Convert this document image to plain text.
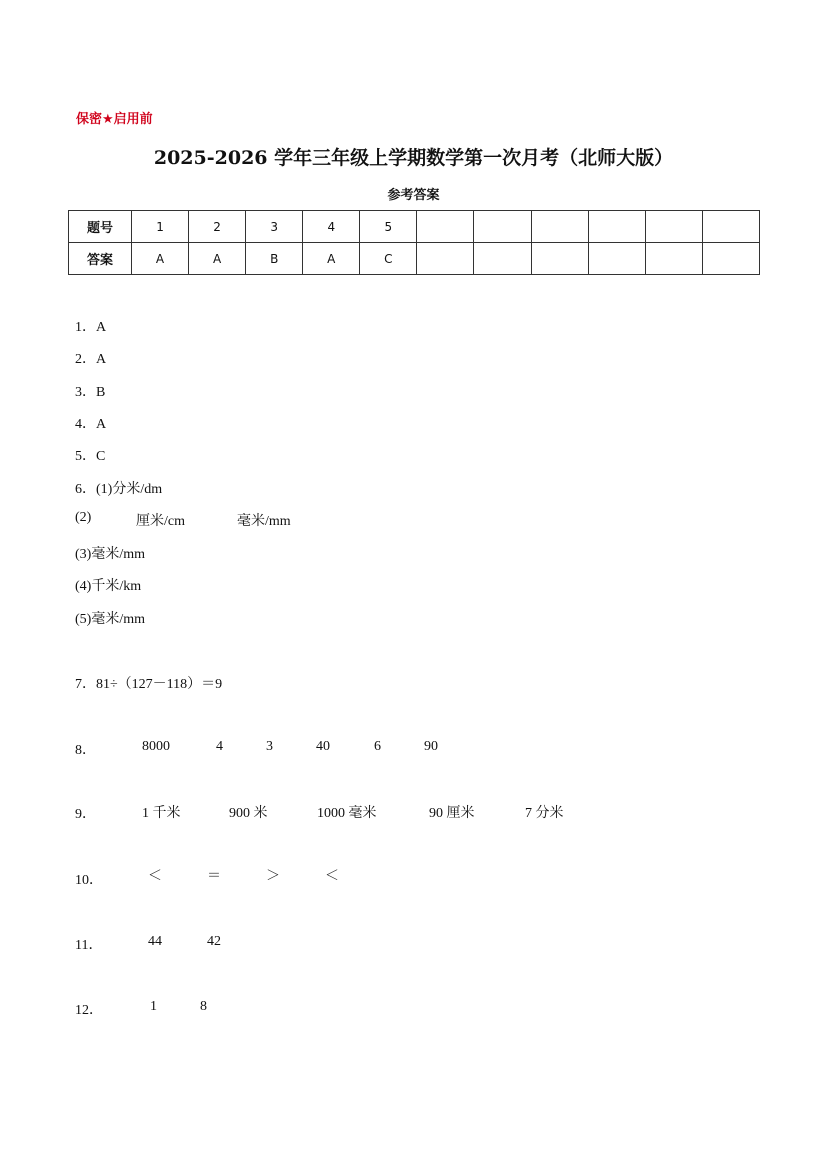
保密★启用前
2025-2026 学年三年级上学期数学第一次月考（北师大版）
参考答案
题号	1	2	3	4	5						
答案	A	A	B	A	C						
1．A
2．A
3．B
4．A
5．C
6．(1)分米/dm
(2)	厘米/cm	毫米/mm
(3)毫米/mm
(4)千米/km
(5)毫米/mm
7．81÷（127－118）＝9
8．	8000	4	3	40	6	90
9．	1 千米	900 米	1000 毫米	90 厘米	7 分米
10．	＜	＝	＞	＜
11．	44	42
12．	1	8
